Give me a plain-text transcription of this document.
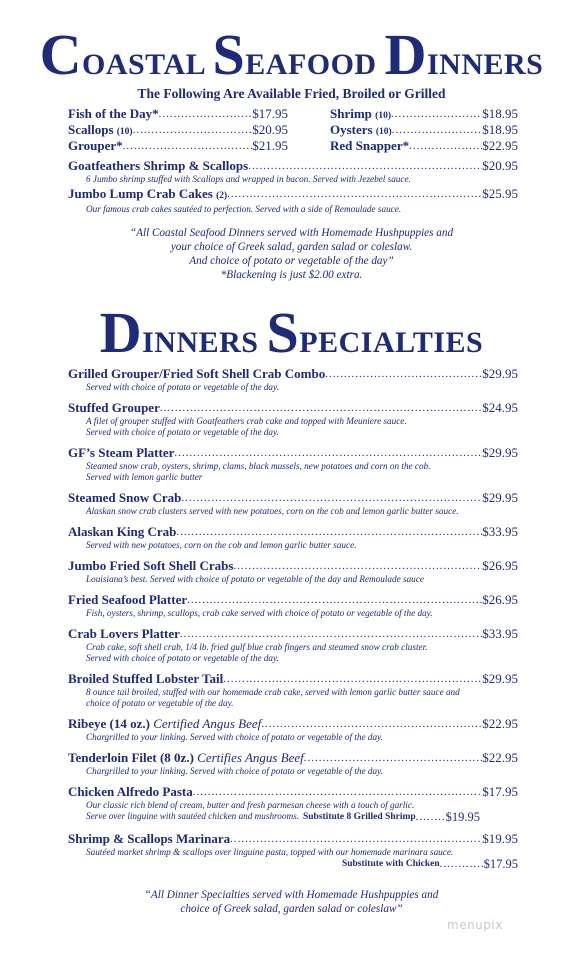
COASTAL SEAFOOD DINNERS
The Following Are Available Fried, Broiled or Grilled
Fish of the Day* .....	$17.95	Shrimp (10) .....	$18.95
Scallops (10) .....	$20.95	Oysters (10) .....	$18.95
Grouper* .....	$21.95	Red Snapper* .....	$22.95
Goatfeathers Shrimp & Scallops .....	$20.95
6 Jumbo shrimp stuffed with Scallops and wrapped in bacon. Served with Jezebel sauce.
Jumbo Lump Crab Cakes (2) .....	$25.95
Our famous crab cakes sautéed to perfection. Served with a side of Remoulade sauce.
“All Coastal Seafood Dinners served with Homemade Hushpuppies and
your choice of Greek salad, garden salad or coleslaw.
And choice of potato or vegetable of the day”
*Blackening is just $2.00 extra.
DINNERS SPECIALTIES
Grilled Grouper/Fried Soft Shell Crab Combo .....	$29.95
Served with choice of potato or vegetable of the day.
Stuffed Grouper .....	$24.95
A filet of grouper stuffed with Goatfeathers crab cake and topped with Meuniere sauce.
Served with choice of potato or vegetable of the day.
GF’s Steam Platter .....	$29.95
Steamed snow crab, oysters, shrimp, clams, black mussels, new potatoes and corn on the cob.
Served with lemon garlic butter
Steamed Snow Crab .....	$29.95
Alaskan snow crab clusters served with new potatoes, corn on the cob and lemon garlic butter sauce.
Alaskan King Crab .....	$33.95
Served with new potatoes, corn on the cob and lemon garlic butter sauce.
Jumbo Fried Soft Shell Crabs .....	$26.95
Louisiana’s best. Served with choice of potato or vegetable of the day and Remoulade sauce
Fried Seafood Platter .....	$26.95
Fish, oysters, shrimp, scallops, crab cake served with choice of potato or vegetable of the day.
Crab Lovers Platter .....	$33.95
Crab cake, soft shell crab, 1/4 lb. fried gulf blue crab fingers and steamed snow crab cluster.
Served with choice of potato or vegetable of the day.
Broiled Stuffed Lobster Tail .....	$29.95
8 ounce tail broiled, stuffed with our homemade crab cake, served with lemon garlic butter sauce and
choice of potato or vegetable of the day.
Ribeye (14 oz.) Certified Angus Beef .....	$22.95
Chargrilled to your linking. Served with choice of potato or vegetable of the day.
Tenderloin Filet (8 0z.) Certifies Angus Beef .....	$22.95
Chargrilled to your linking. Served with choice of potato or vegetable of the day.
Chicken Alfredo Pasta .....	$17.95
Our classic rich blend of cream, butter and fresh parmesan cheese with a touch of garlic.
Serve over linguine with sautéed chicken and mushrooms. Substitute 8 Grilled Shrimp ..... $19.95
Shrimp & Scallops Marinara .....	$19.95
Sautéed market shrimp & scallops over linguine pasta, topped with our homemade marinara sauce.
Substitute with Chicken .....	$17.95
“All Dinner Specialties served with Homemade Hushpuppies and
choice of Greek salad, garden salad or coleslaw”
menupix
